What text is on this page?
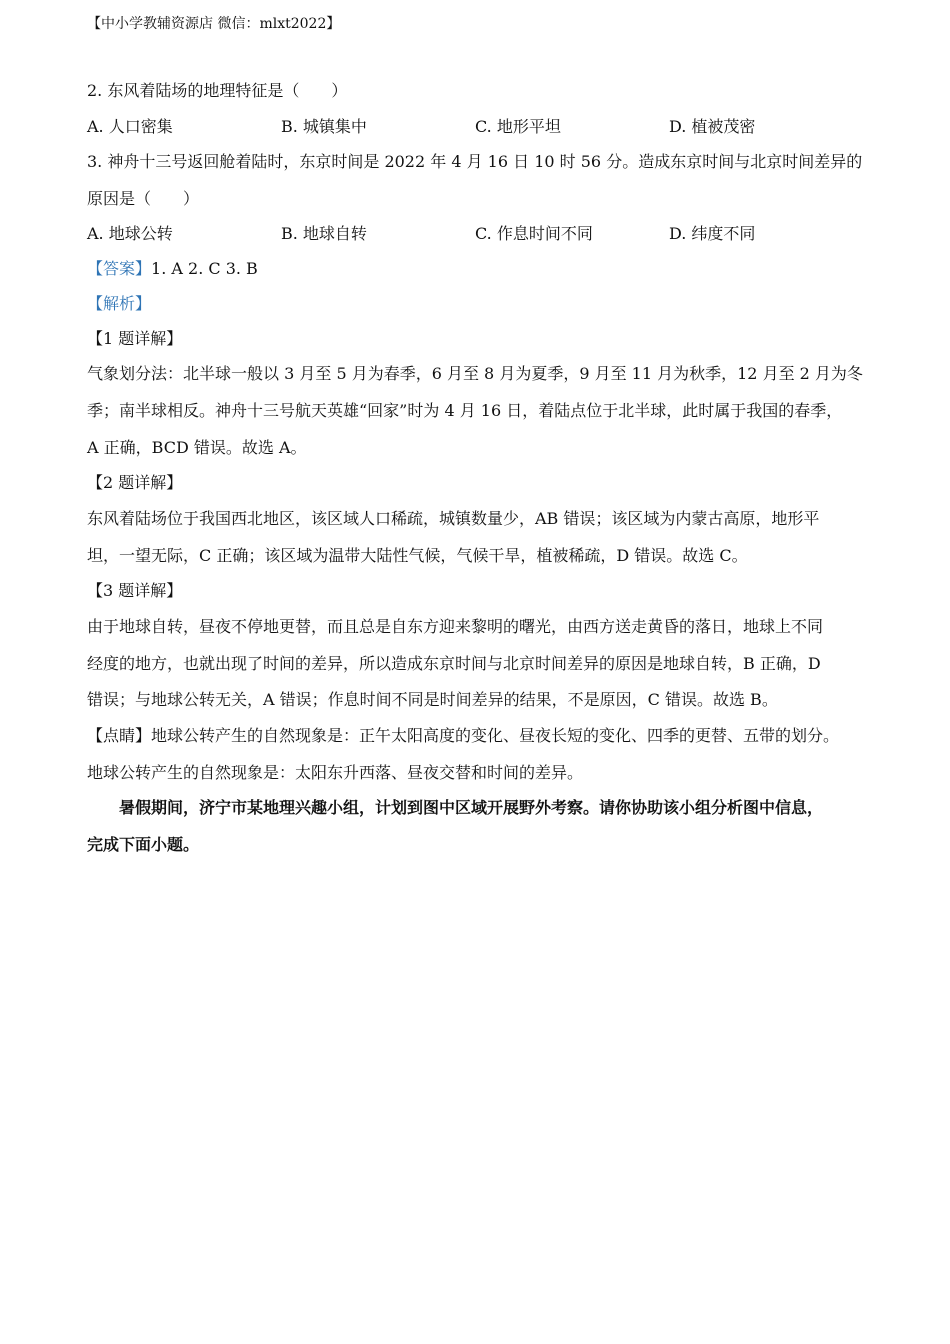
【中小学教辅资源店 微信：mlxt2022】
2. 东风着陆场的地理特征是（　　）
A. 人口密集	B. 城镇集中	C. 地形平坦	D. 植被茂密
3. 神舟十三号返回舱着陆时，东京时间是 2022 年 4 月 16 日 10 时 56 分。造成东京时间与北京时间差异的
原因是（　　）
A. 地球公转	B. 地球自转	C. 作息时间不同	D. 纬度不同
【答案】1. A 2. C 3. B
【解析】
【1 题详解】
气象划分法：北半球一般以 3 月至 5 月为春季，6 月至 8 月为夏季，9 月至 11 月为秋季，12 月至 2 月为冬
季；南半球相反。神舟十三号航天英雄“回家”时为 4 月 16 日，着陆点位于北半球，此时属于我国的春季，
A 正确，BCD 错误。故选 A。
【2 题详解】
东风着陆场位于我国西北地区，该区域人口稀疏，城镇数量少，AB 错误；该区域为内蒙古高原，地形平
坦，一望无际，C 正确；该区域为温带大陆性气候，气候干旱，植被稀疏，D 错误。故选 C。
【3 题详解】
由于地球自转，昼夜不停地更替，而且总是自东方迎来黎明的曙光，由西方送走黄昏的落日，地球上不同
经度的地方，也就出现了时间的差异，所以造成东京时间与北京时间差异的原因是地球自转，B 正确，D
错误；与地球公转无关，A 错误；作息时间不同是时间差异的结果，不是原因，C 错误。故选 B。
【点睛】地球公转产生的自然现象是：正午太阳高度的变化、昼夜长短的变化、四季的更替、五带的划分。
地球公转产生的自然现象是：太阳东升西落、昼夜交替和时间的差异。
暑假期间，济宁市某地理兴趣小组，计划到图中区域开展野外考察。请你协助该小组分析图中信息，
完成下面小题。
